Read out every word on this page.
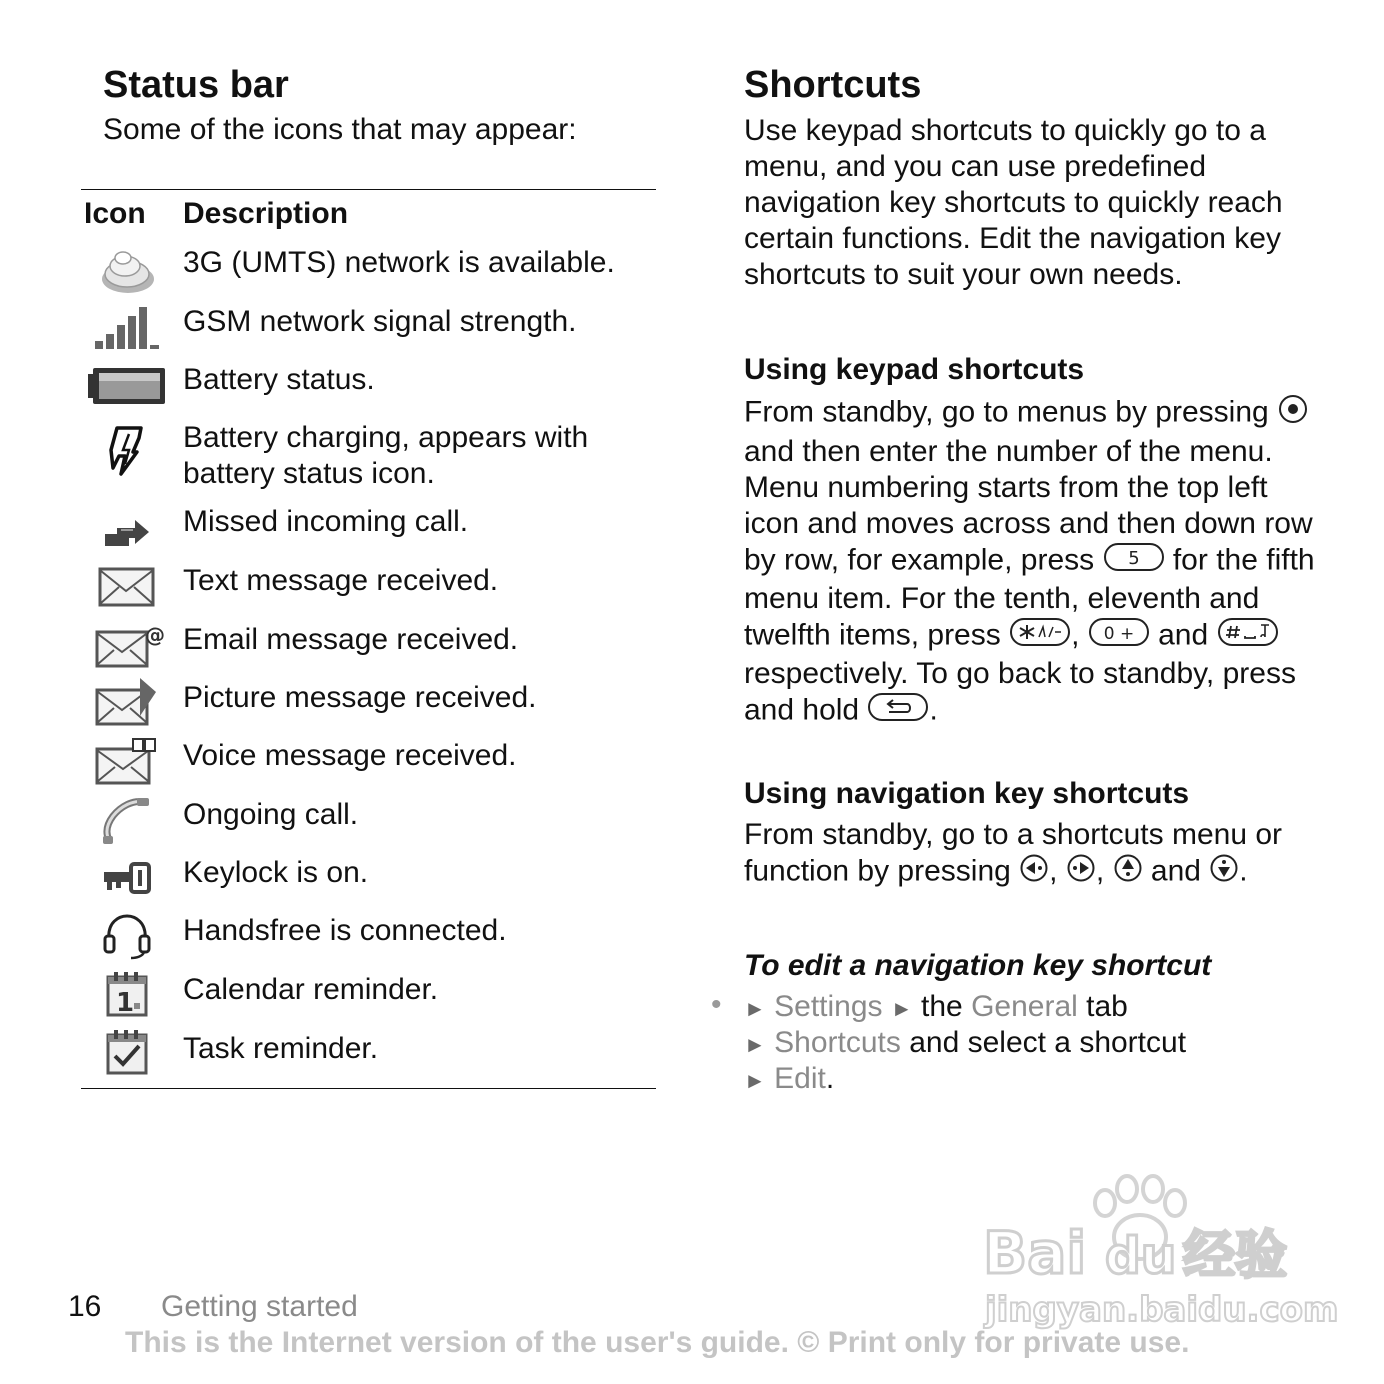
Status bar

Some of the icons that may appear:

Icon Description
3G (UMTS) network is available.
GSM network signal strength.
Battery status.
Battery charging, appears with battery status icon.
Missed incoming call.
Text message received.
@ Email message received.
Picture message received.
Voice message received.
Ongoing call.
Keylock is on.
Handsfree is connected.
1 Calendar reminder.
Task reminder.
Shortcuts

Use keypad shortcuts to quickly go to a menu, and you can use predefined navigation key shortcuts to quickly reach certain functions. Edit the navigation key shortcuts to suit your own needs.

Using keypad shortcuts

From standby, go to menus by pressing  and then enter the number of the menu. Menu numbering starts from the top left icon and moves across and then down row by row, for example, press 5 for the fifth menu item. For the tenth, eleventh and twelfth items, press , 0 + and  respectively. To go back to standby, press and hold .

Using navigation key shortcuts

From standby, go to a shortcuts menu or function by pressing , , and .

To edit a navigation key shortcut
• ► Settings ► the General tab
► Shortcuts and select a shortcut
► Edit.
16 Getting started
This is the Internet version of the user's guide. © Print only for private use.
Bai du 经验
jingyan.baidu.com
